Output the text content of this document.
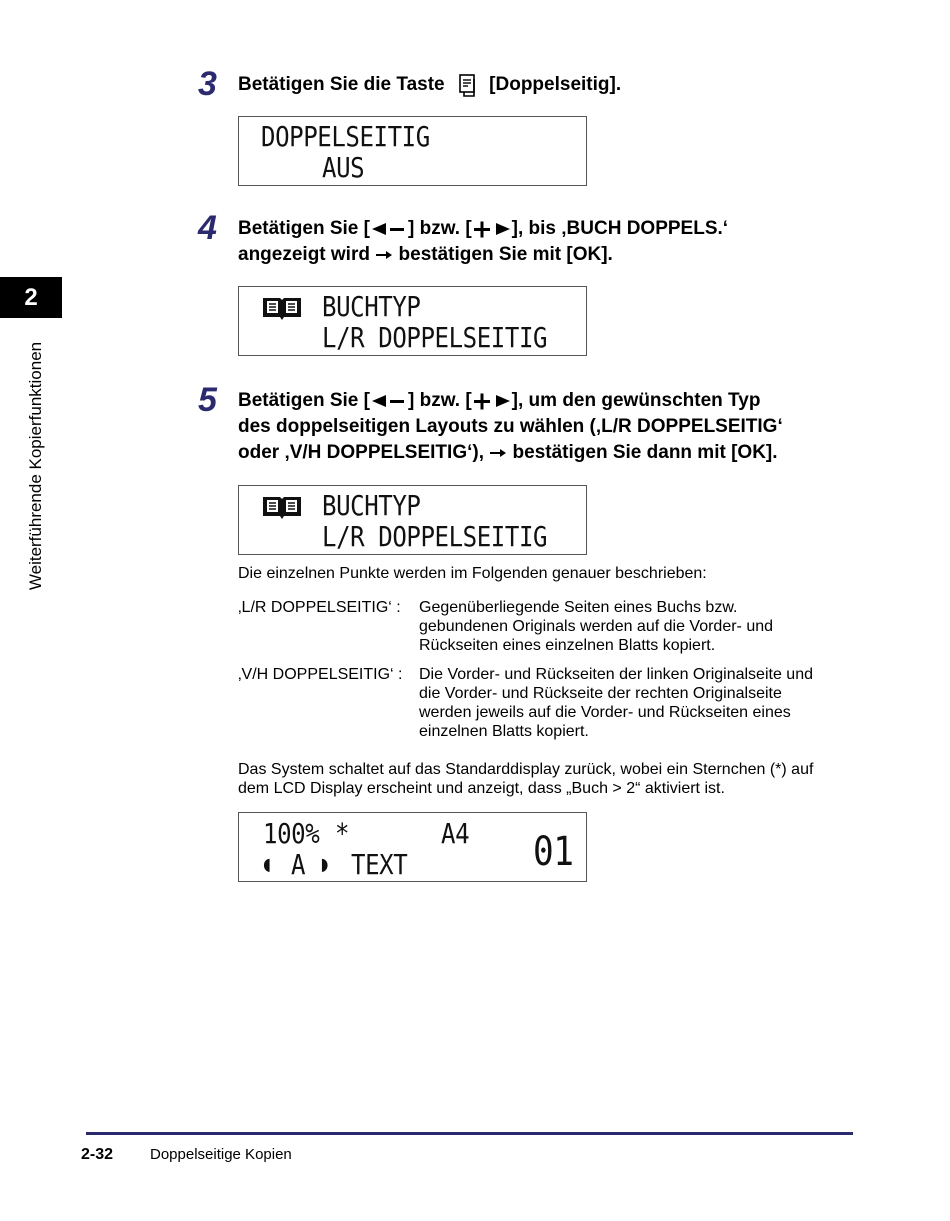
2
Weiterführende Kopierfunktionen
3 Betätigen Sie die Taste [Doppelseitig].
DOPPELSEITIG
AUS
4 Betätigen Sie [ ] bzw. [ ], bis ‚BUCH DOPPELS.‘
angezeigt wird bestätigen Sie mit [OK].
BUCHTYP
L/R DOPPELSEITIG
5 Betätigen Sie [ ] bzw. [ ], um den gewünschten Typ
des doppelseitigen Layouts zu wählen (‚L/R DOPPELSEITIG‘
oder ‚V/H DOPPELSEITIG‘), bestätigen Sie dann mit [OK].
BUCHTYP
L/R DOPPELSEITIG
Die einzelnen Punkte werden im Folgenden genauer beschrieben:
‚L/R DOPPELSEITIG‘ : Gegenüberliegende Seiten eines Buchs bzw.
gebundenen Originals werden auf die Vorder- und
Rückseiten eines einzelnen Blatts kopiert.
‚V/H DOPPELSEITIG‘ : Die Vorder- und Rückseiten der linken Originalseite und
die Vorder- und Rückseite der rechten Originalseite
werden jeweils auf die Vorder- und Rückseiten eines
einzelnen Blatts kopiert.
Das System schaltet auf das Standarddisplay zurück, wobei ein Sternchen (*) auf
dem LCD Display erscheint und anzeigt, dass „Buch > 2“ aktiviert ist.
100% *	A4 01
◖ A ◗ TEXT
2-32 Doppelseitige Kopien
